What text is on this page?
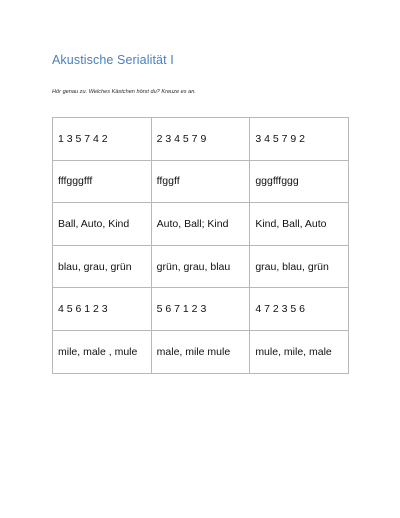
Akustische Serialität I
Hör genau zu. Welches Kästchen hörst du? Kreuze es an.
1 3 5 7 4 2	2 3 4 5 7 9	3 4 5 7 9 2
fffgggfff	ffggff	gggfffggg
Ball, Auto, Kind	Auto, Ball; Kind	Kind, Ball, Auto
blau, grau, grün	grün, grau, blau	grau, blau, grün
4 5 6 1 2 3	5 6 7 1 2 3	4 7 2 3 5 6
mile, male , mule	male, mile mule	mule, mile, male
